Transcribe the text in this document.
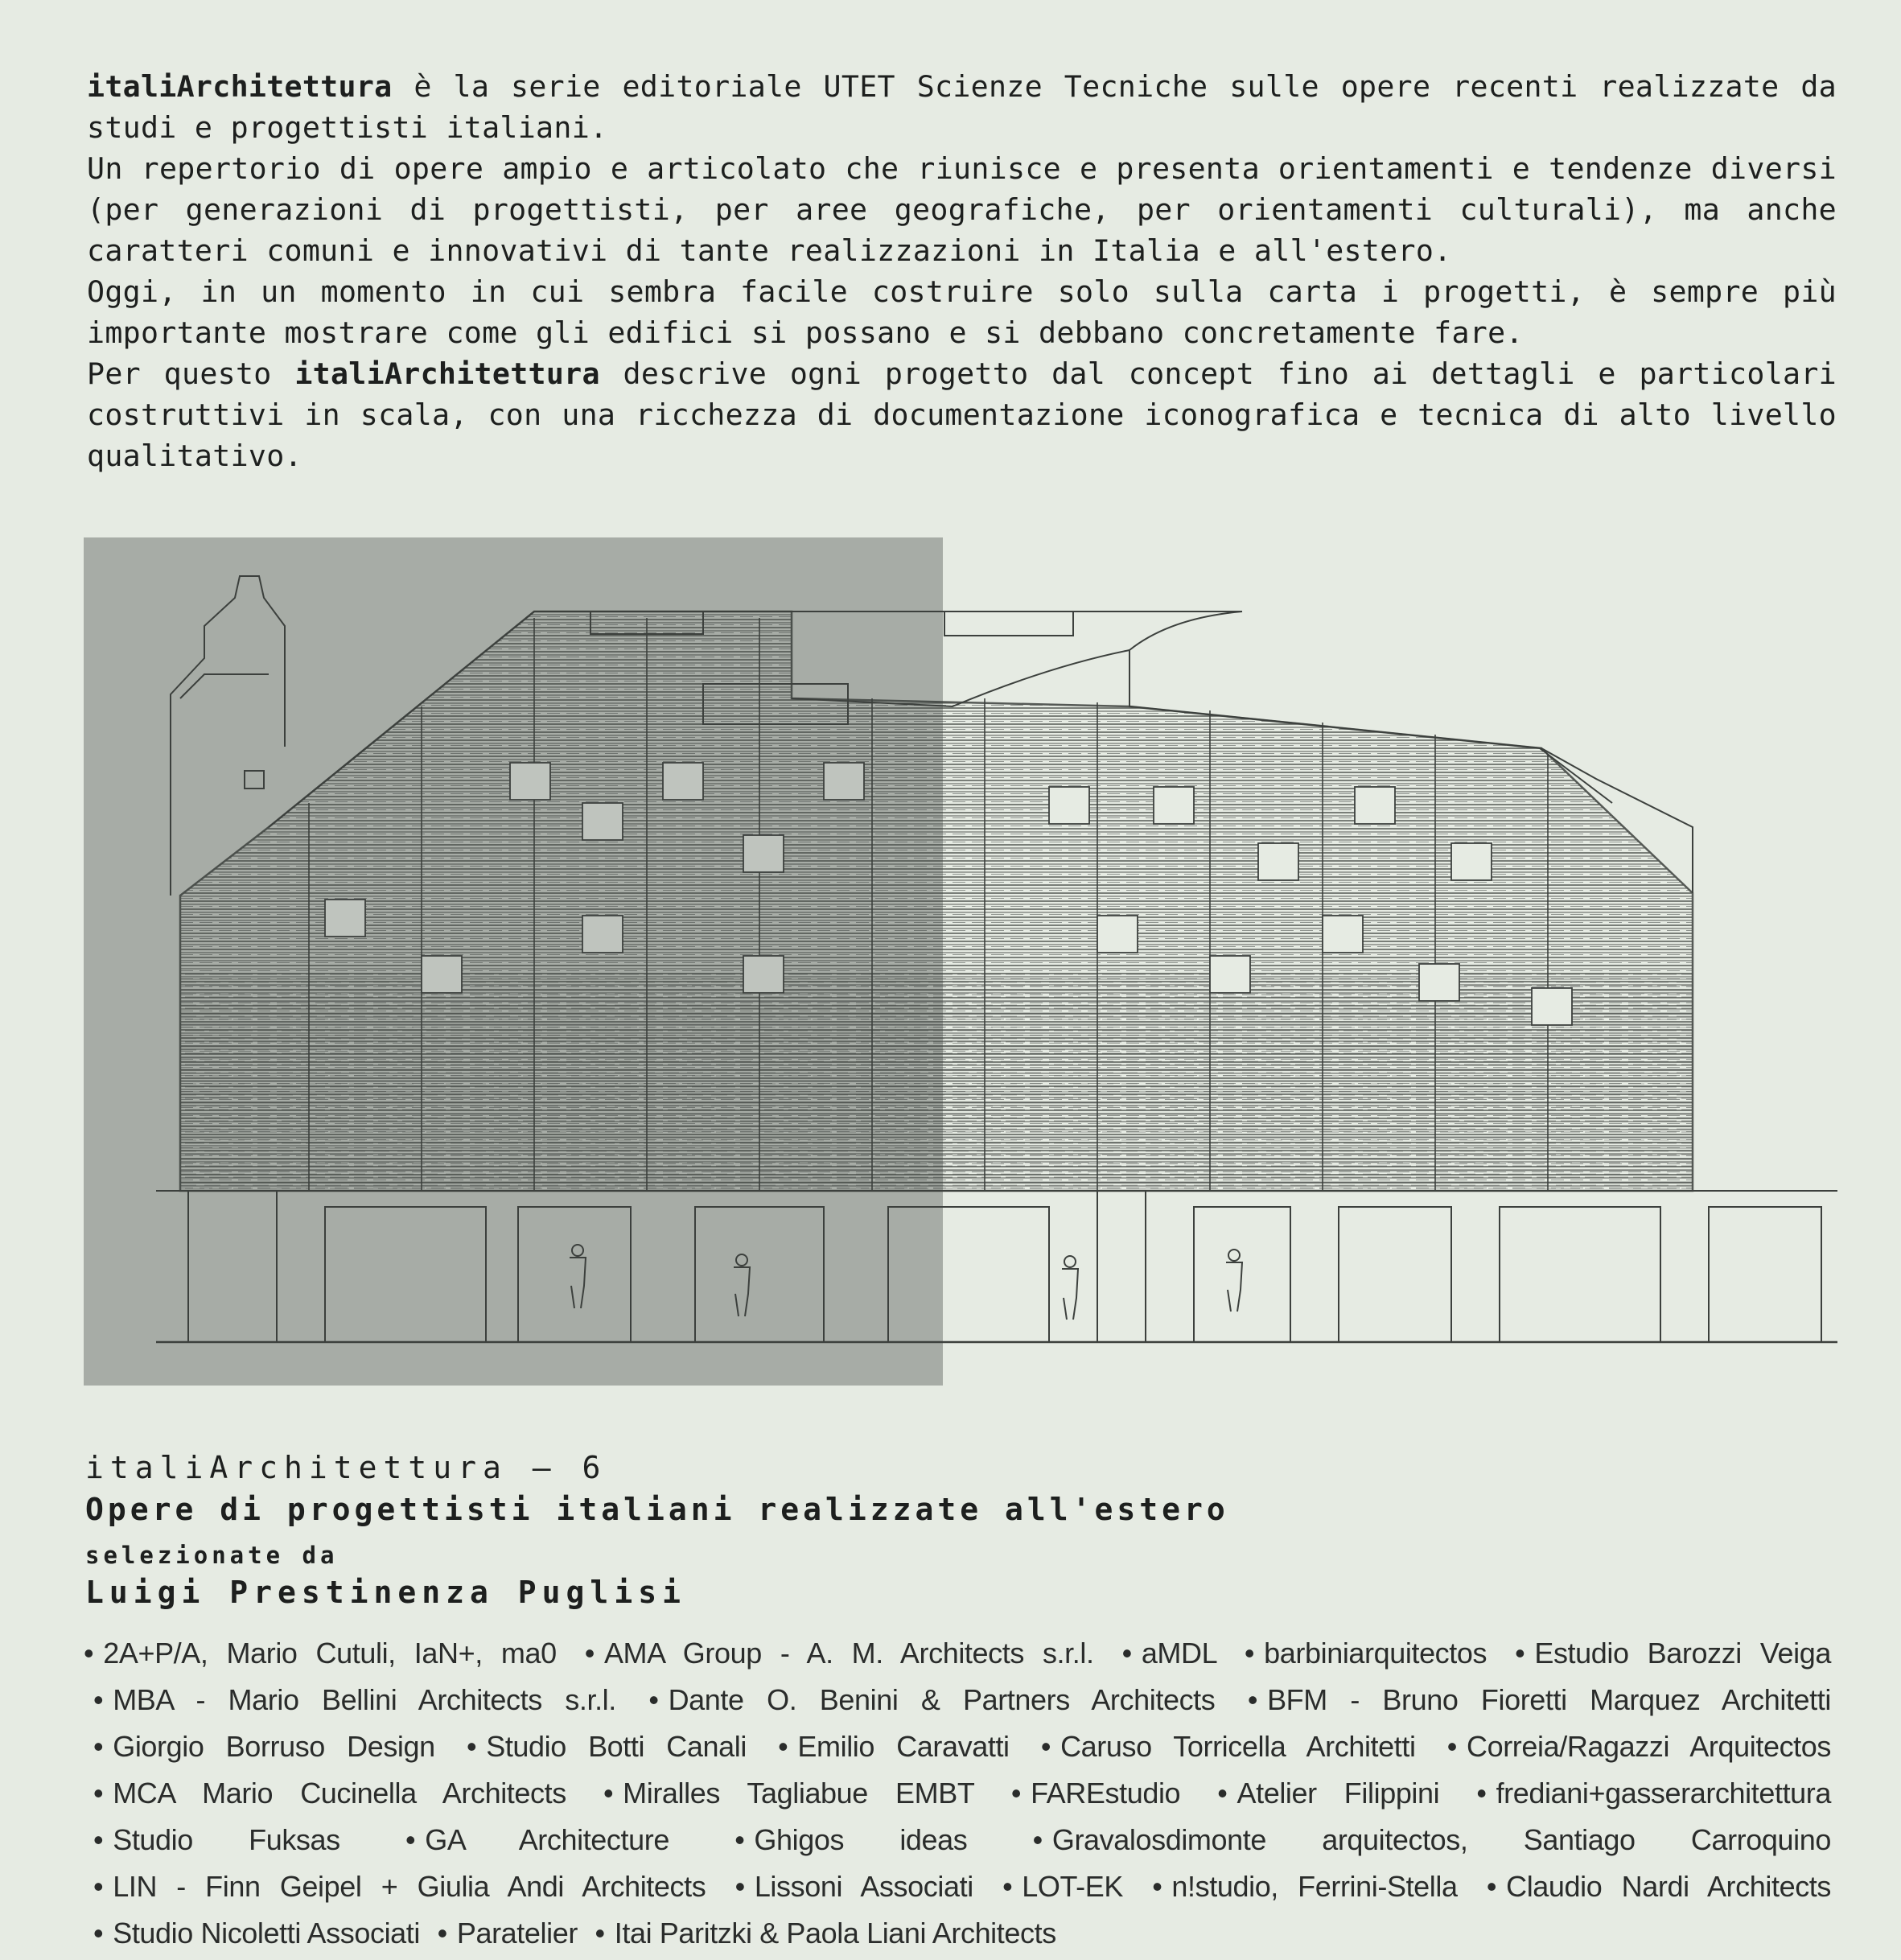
italiArchitettura è la serie editoriale UTET Scienze Tecniche sulle opere recenti realizzate da studi e progettisti italiani.

Un repertorio di opere ampio e articolato che riunisce e presenta orientamenti e tendenze diversi (per generazioni di progettisti, per aree geografiche, per orientamenti culturali), ma anche caratteri comuni e innovativi di tante realizzazioni in Italia e all'estero.

Oggi, in un momento in cui sembra facile costruire solo sulla carta i progetti, è sempre più importante mostrare come gli edifici si possano e si debbano concretamente fare.

Per questo italiArchitettura descrive ogni progetto dal concept fino ai dettagli e particolari costruttivi in scala, con una ricchezza di documentazione iconografica e tecnica di alto livello qualitativo.

italiArchitettura — 6

Opere di progettisti italiani realizzate all'estero

selezionate da

Luigi Prestinenza Puglisi

• 2A+P/A, Mario Cutuli, IaN+, ma0 • AMA Group - A. M. Architects s.r.l. • aMDL • barbiniarquitectos • Estudio Barozzi Veiga • MBA - Mario Bellini Architects s.r.l. • Dante O. Benini & Partners Architects • BFM - Bruno Fioretti Marquez Architetti • Giorgio Borruso Design • Studio Botti Canali • Emilio Caravatti • Caruso Torricella Architetti • Correia/Ragazzi Arquitectos • MCA Mario Cucinella Architects • Miralles Tagliabue EMBT • FAREstudio • Atelier Filippini • frediani+gasserarchitettura • Studio Fuksas • GA Architecture • Ghigos ideas • Gravalosdimonte arquitectos, Santiago Carroquino • LIN - Finn Geipel + Giulia Andi Architects • Lissoni Associati • LOT-EK • n!studio, Ferrini-Stella • Claudio Nardi Architects • Studio Nicoletti Associati • Paratelier • Itai Paritzki & Paola Liani Architects
